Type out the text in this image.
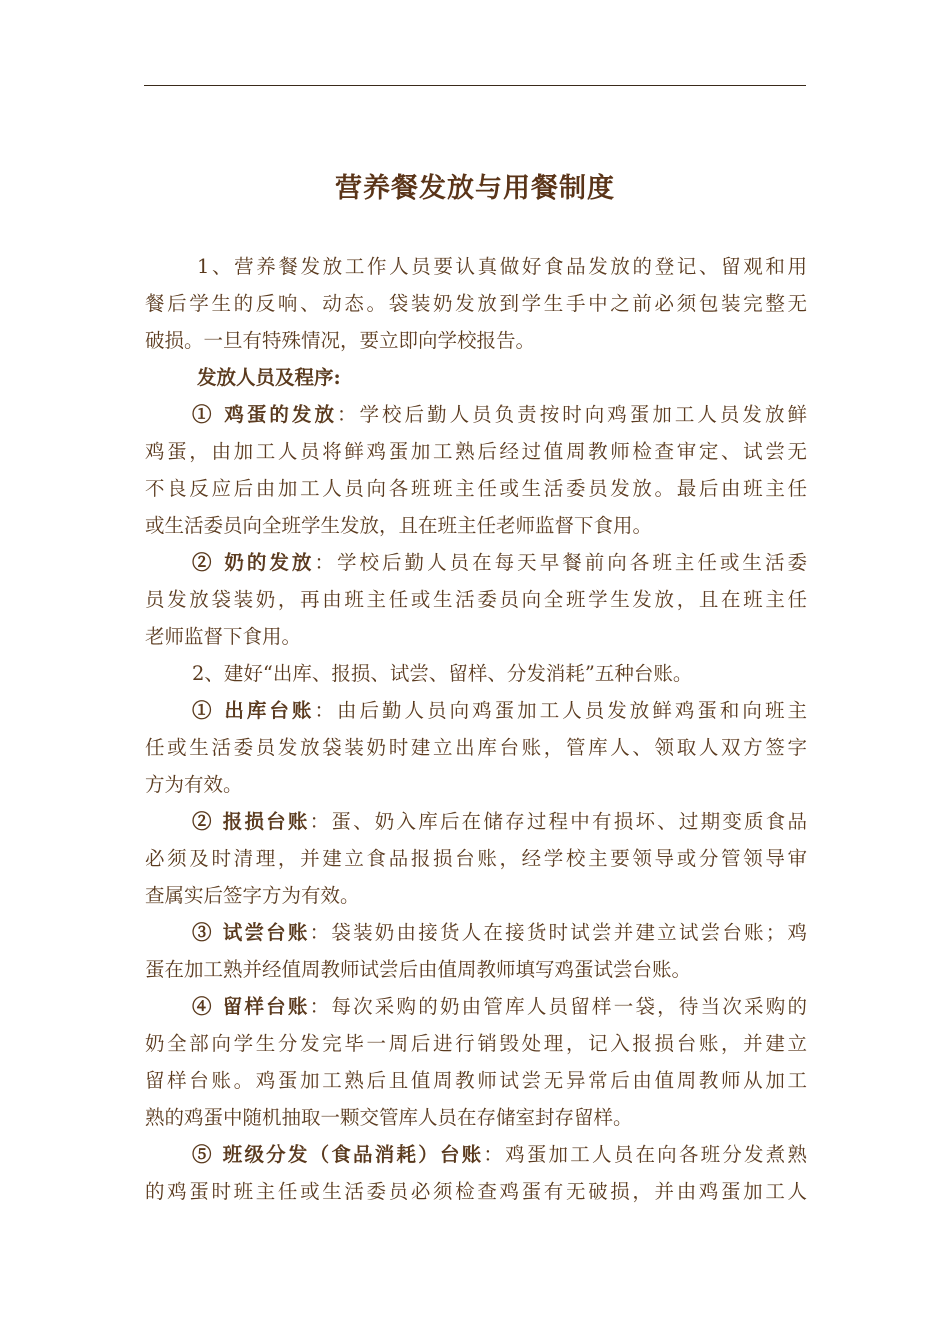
营养餐发放与用餐制度
1、营养餐发放工作人员要认真做好食品发放的登记、留观和用
餐后学生的反响、动态。袋装奶发放到学生手中之前必须包装完整无
破损。一旦有特殊情况，要立即向学校报告。
发放人员及程序:
① 鸡蛋的发放：学校后勤人员负责按时向鸡蛋加工人员发放鲜
鸡蛋，由加工人员将鲜鸡蛋加工熟后经过值周教师检查审定、试尝无
不良反应后由加工人员向各班班主任或生活委员发放。最后由班主任
或生活委员向全班学生发放，且在班主任老师监督下食用。
② 奶的发放：学校后勤人员在每天早餐前向各班主任或生活委
员发放袋装奶，再由班主任或生活委员向全班学生发放，且在班主任
老师监督下食用。
2、建好“出库、报损、试尝、留样、分发消耗”五种台账。
① 出库台账：由后勤人员向鸡蛋加工人员发放鲜鸡蛋和向班主
任或生活委员发放袋装奶时建立出库台账，管库人、领取人双方签字
方为有效。
② 报损台账：蛋、奶入库后在储存过程中有损坏、过期变质食品
必须及时清理，并建立食品报损台账，经学校主要领导或分管领导审
查属实后签字方为有效。
③ 试尝台账：袋装奶由接货人在接货时试尝并建立试尝台账；鸡
蛋在加工熟并经值周教师试尝后由值周教师填写鸡蛋试尝台账。
④ 留样台账：每次采购的奶由管库人员留样一袋，待当次采购的
奶全部向学生分发完毕一周后进行销毁处理，记入报损台账，并建立
留样台账。鸡蛋加工熟后且值周教师试尝无异常后由值周教师从加工
熟的鸡蛋中随机抽取一颗交管库人员在存储室封存留样。
⑤ 班级分发（食品消耗）台账：鸡蛋加工人员在向各班分发煮熟
的鸡蛋时班主任或生活委员必须检查鸡蛋有无破损，并由鸡蛋加工人
